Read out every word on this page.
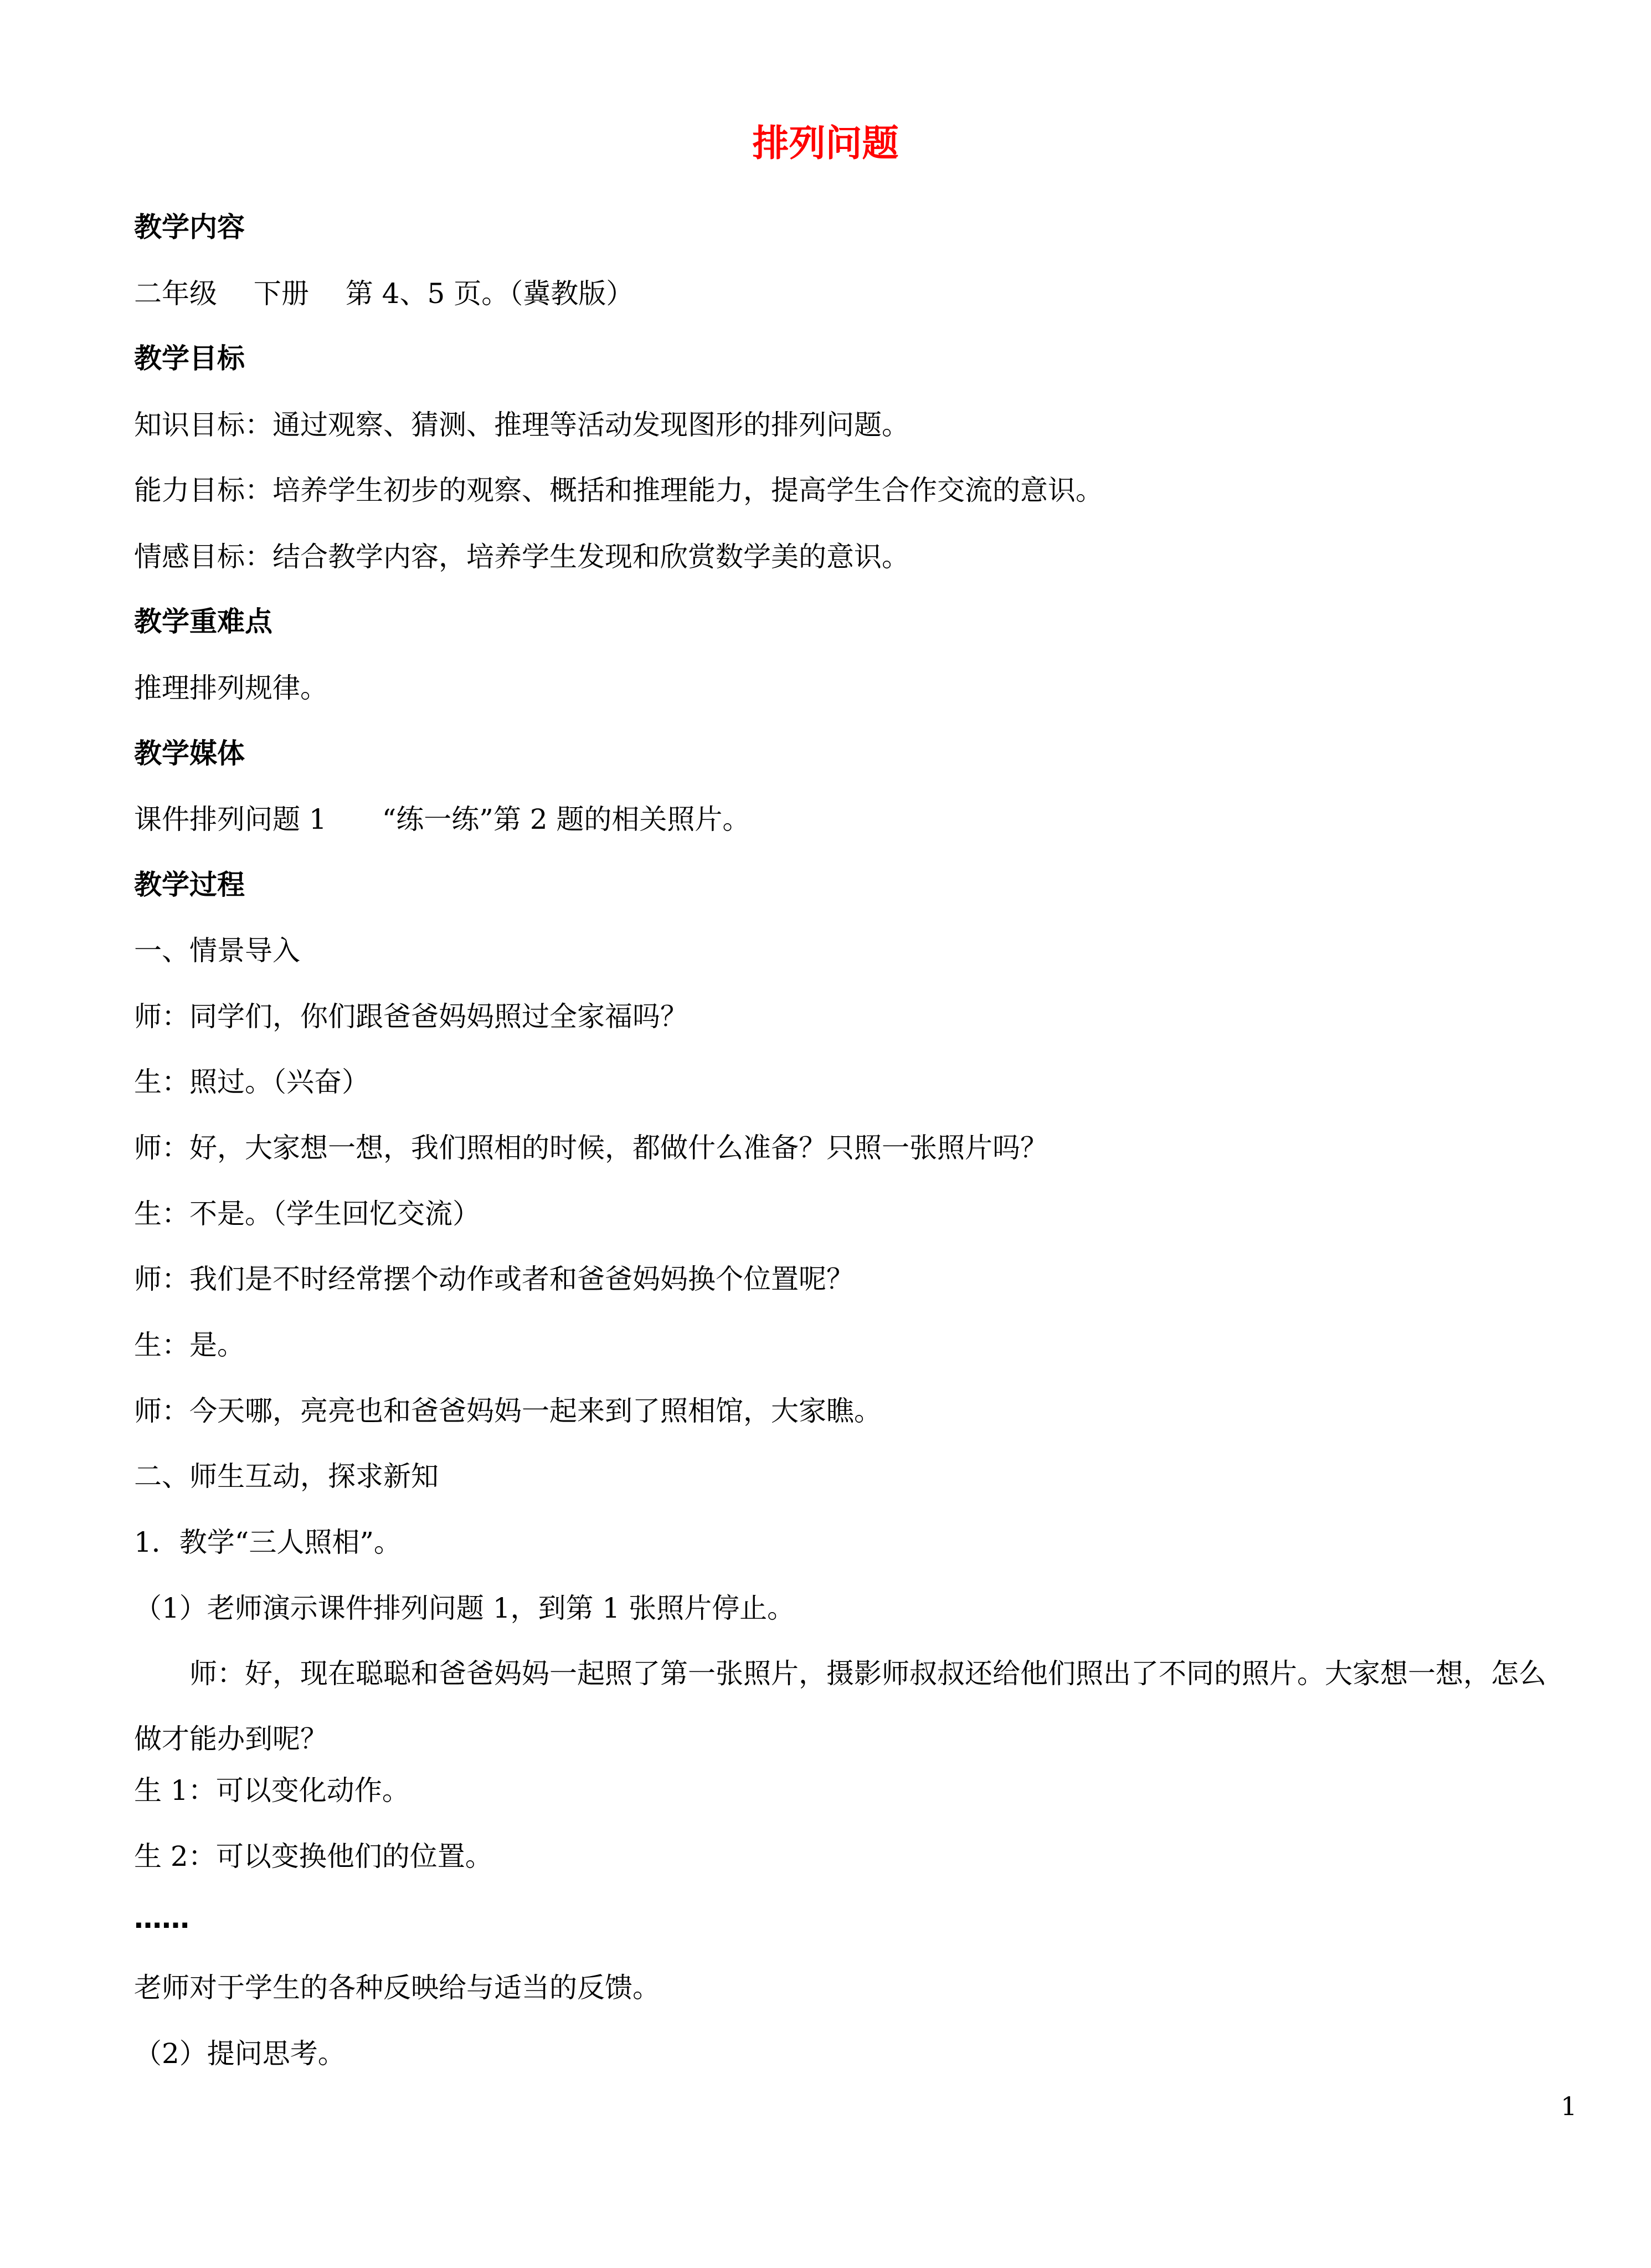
排列问题

教学内容

二年级　 下册　 第 4、5 页。（冀教版）

教学目标

知识目标：通过观察、猜测、推理等活动发现图形的排列问题。

能力目标：培养学生初步的观察、概括和推理能力，提高学生合作交流的意识。

情感目标：结合教学内容，培养学生发现和欣赏数学美的意识。

教学重难点

推理排列规律。

教学媒体

课件排列问题 1　　“练一练”第 2 题的相关照片。

教学过程

一、情景导入

师：同学们，你们跟爸爸妈妈照过全家福吗？

生：照过。（兴奋）

师：好，大家想一想，我们照相的时候，都做什么准备？只照一张照片吗？

生：不是。（学生回忆交流）

师：我们是不时经常摆个动作或者和爸爸妈妈换个位置呢？

生：是。

师：今天哪，亮亮也和爸爸妈妈一起来到了照相馆，大家瞧。

二、师生互动，探求新知

1．教学“三人照相”。

（1）老师演示课件排列问题 1，到第 1 张照片停止。

　　师：好，现在聪聪和爸爸妈妈一起照了第一张照片，摄影师叔叔还给他们照出了不同的照片。大家想一想，怎么做才能办到呢？

生 1：可以变化动作。

生 2：可以变换他们的位置。

……

老师对于学生的各种反映给与适当的反馈。

（2）提问思考。

1
